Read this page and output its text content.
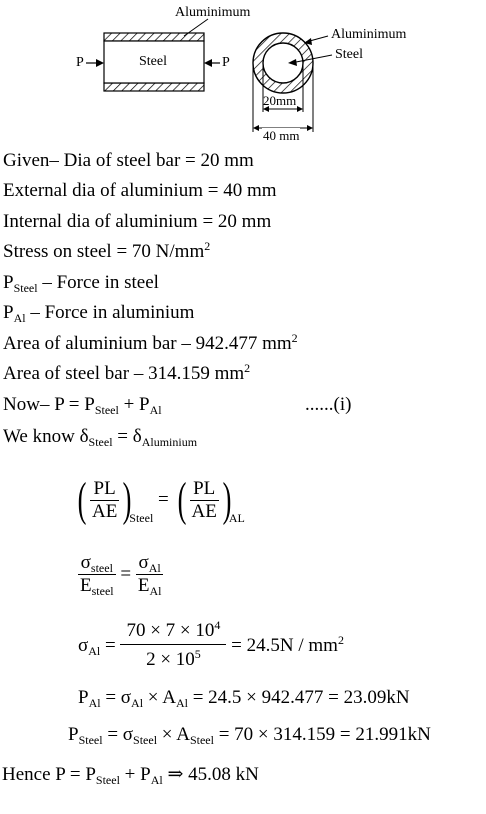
Aluminimum
P	Steel	P
Aluminimum
Steel
20mm
40 mm
Given– Dia of steel bar = 20 mm
External dia of aluminium = 40 mm
Internal dia of aluminium = 20 mm
Stress on steel = 70 $N/mm^2$
$P_{Steel}$ – Force in steel
$P_{Al}$ – Force in aluminium
Area of aluminium bar – 942.477 $mm^2$
Area of steel bar – 314.159 $mm^2$
Now– $P = P_{Steel} + P_{Al}$	......(i)
We know $\delta_{Steel} = \delta_{Aluminium}$
( $\frac{PL}{AE} )_{Steel}$ = ( $\frac{PL}{AE} )_{AL}$
$\frac{\sigma_{steel}}{E_{steel}} = \frac{\sigma_{Al}}{E_{Al}}$
$\sigma_{Al} = \frac{70 \times 7 \times 10^4}{2 \times 10^5} = 24.5N / mm^2$
$P_{Al} = \sigma_{Al} \times A_{Al} = 24.5 \times 942.477 = 23.09kN$
$P_{Steel} = \sigma_{Steel} \times A_{Steel} = 70 \times 314.159 = 21.991kN$
Hence $P = P_{Steel} + P_{Al}$ ⇒ 45.08 kN
